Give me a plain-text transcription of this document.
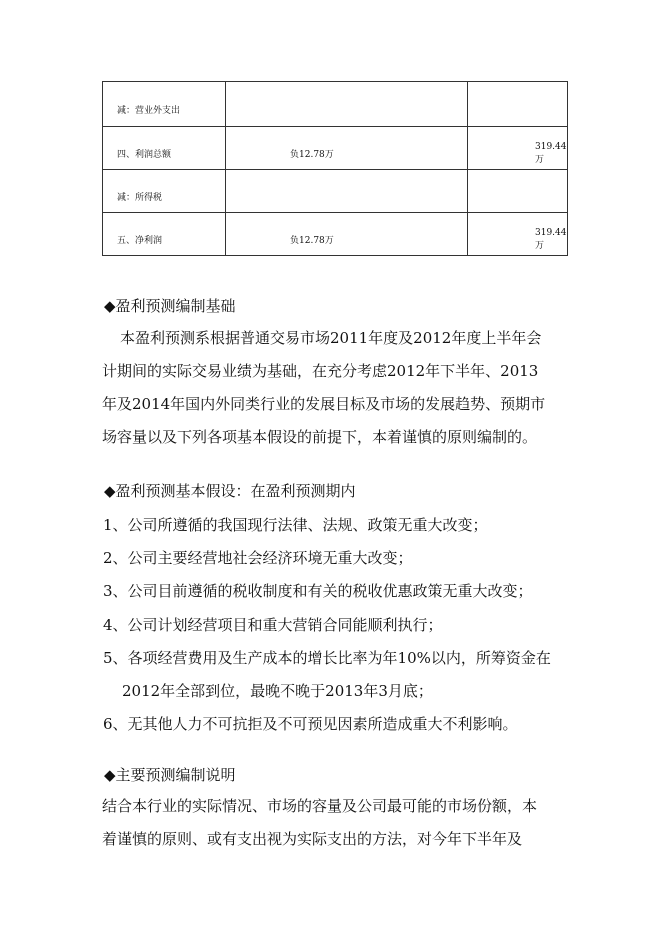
减：营业外支出		
四、利润总额	负12.78万	319.44万
减：所得税		
五、净利润	负12.78万	319.44万
◆盈利预测编制基础
本盈利预测系根据普通交易市场2011年度及2012年度上半年会
计期间的实际交易业绩为基础，在充分考虑2012年下半年、2013
年及2014年国内外同类行业的发展目标及市场的发展趋势、预期市
场容量以及下列各项基本假设的前提下，本着谨慎的原则编制的。
◆盈利预测基本假设：在盈利预测期内
1、公司所遵循的我国现行法律、法规、政策无重大改变；
2、公司主要经营地社会经济环境无重大改变；
3、公司目前遵循的税收制度和有关的税收优惠政策无重大改变；
4、公司计划经营项目和重大营销合同能顺利执行；
5、各项经营费用及生产成本的增长比率为年10%以内，所筹资金在
2012年全部到位，最晚不晚于2013年3月底；
6、无其他人力不可抗拒及不可预见因素所造成重大不利影响。
◆主要预测编制说明
结合本行业的实际情况、市场的容量及公司最可能的市场份额，本
着谨慎的原则、或有支出视为实际支出的方法，对今年下半年及
